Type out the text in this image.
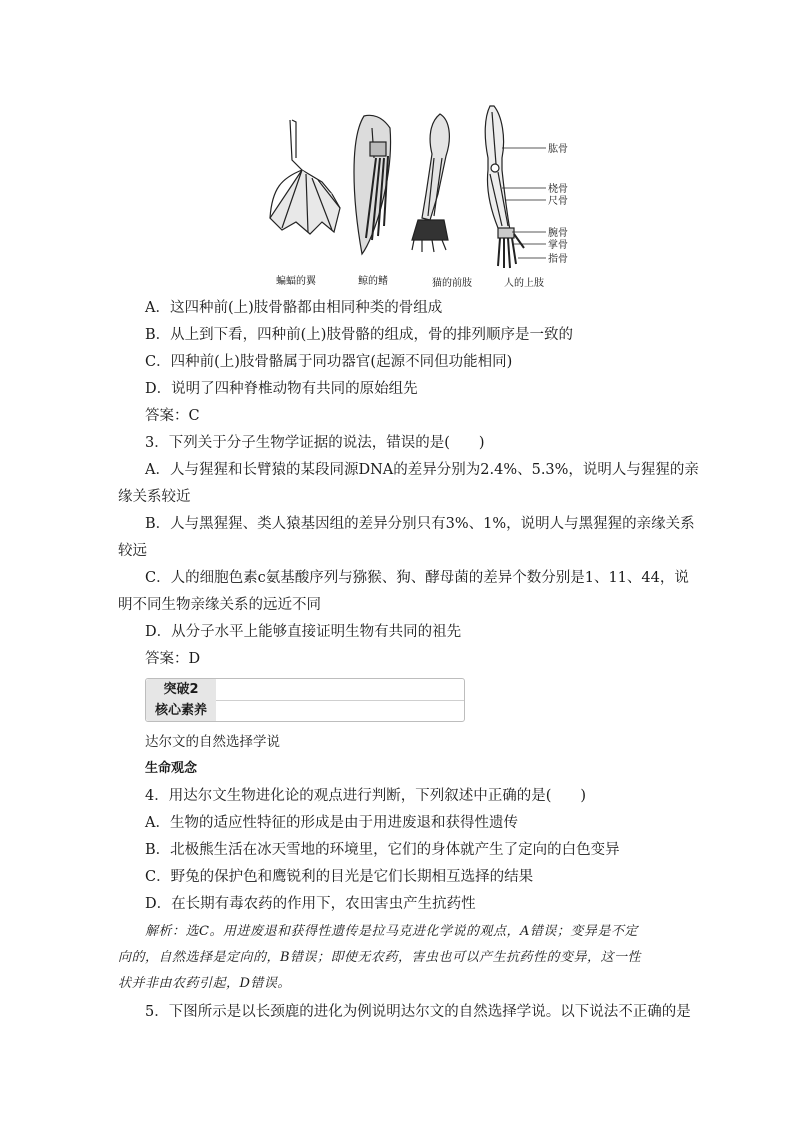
肱骨
桡骨
尺骨
腕骨
掌骨
指骨
蝙蝠的翼	鲸的鳍	猫的前肢	人的上肢
A．这四种前(上)肢骨骼都由相同种类的骨组成
B．从上到下看，四种前(上)肢骨骼的组成，骨的排列顺序是一致的
C．四种前(上)肢骨骼属于同功器官(起源不同但功能相同)
D．说明了四种脊椎动物有共同的原始组先
答案：C
3．下列关于分子生物学证据的说法，错误的是(　　)
A．人与猩猩和长臂猿的某段同源DNA的差异分别为2.4%、5.3%，说明人与猩猩的亲
缘关系较近
B．人与黑猩猩、类人猿基因组的差异分别只有3%、1%，说明人与黑猩猩的亲缘关系
较远
C．人的细胞色素c氨基酸序列与猕猴、狗、酵母菌的差异个数分别是1、11、44，说
明不同生物亲缘关系的远近不同
D．从分子水平上能够直接证明生物有共同的祖先
答案：D
突破2
核心素养
达尔文的自然选择学说
生命观念
4．用达尔文生物进化论的观点进行判断，下列叙述中正确的是(　　)
A．生物的适应性特征的形成是由于用进废退和获得性遗传
B．北极熊生活在冰天雪地的环境里，它们的身体就产生了定向的白色变异
C．野兔的保护色和鹰锐利的目光是它们长期相互选择的结果
D．在长期有毒农药的作用下，农田害虫产生抗药性
解析：选C。用进废退和获得性遗传是拉马克进化学说的观点，A错误；变异是不定
向的，自然选择是定向的，B错误；即使无农药，害虫也可以产生抗药性的变异，这一性
状并非由农药引起，D错误。
5．下图所示是以长颈鹿的进化为例说明达尔文的自然选择学说。以下说法不正确的是
